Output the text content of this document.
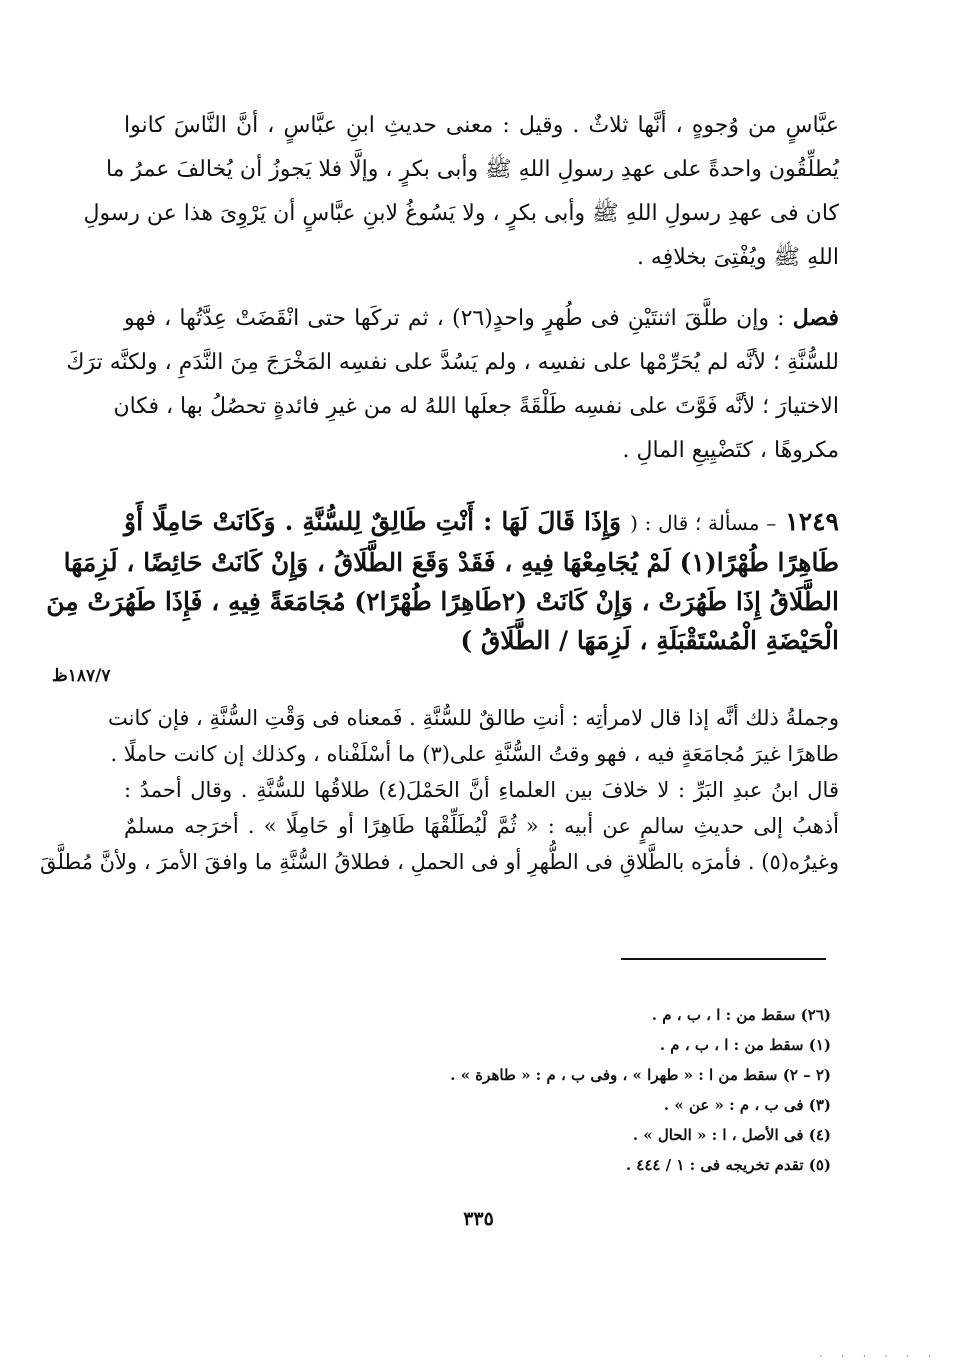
عبَّاسٍ من وُجوهٍ ، أنَّها ثلاثٌ . وقيل : معنى حديثِ ابنِ عبَّاسٍ ، أنَّ النَّاسَ كانوا
يُطلِّقُون واحدةً على عهدِ رسولِ اللهِ ﷺ وأبى بكرٍ ، وإلَّا فلا يَجوزُ أن يُخالفَ عمرُ ما
كان فى عهدِ رسولِ اللهِ ﷺ وأبى بكرٍ ، ولا يَسُوغُ لابنِ عبَّاسٍ أن يَرْوِىَ هذا عن رسولِ
اللهِ ﷺ ويُفْتِىَ بخلافِه .
فصل : وإن طلَّقَ اثنتَيْنِ فى طُهرٍ واحدٍ(٢٦) ، ثم تركَها حتى انْقَضَتْ عِدَّتُها ، فهو
للسُّنَّةِ ؛ لأنَّه لم يُحَرِّمْها على نفسِه ، ولم يَسُدَّ على نفسِه المَخْرَجَ مِنَ النَّدَمِ ، ولكنَّه ترَكَ
الاختيارَ ؛ لأنَّه فَوَّتَ على نفسِه طَلْقَةً جعلَها اللهُ له من غيرِ فائدةٍ تحصُلُ بها ، فكان
مكروهًا ، كتَضْيِيعِ المالِ .
١٢٤٩ – مسألة ؛ قال : ( وَإِذَا قَالَ لَهَا : أَنْتِ طَالِقٌ لِلسُّنَّةِ . وَكَانَتْ حَامِلًا أَوْ
طَاهِرًا طُهْرًا(١) لَمْ يُجَامِعْهَا فِيهِ ، فَقَدْ وَقَعَ الطَّلَاقُ ، وَإِنْ كَانَتْ حَائِضًا ، لَزِمَهَا
الطَّلَاقُ إِذَا طَهُرَتْ ، وَإِنْ كَانَتْ (٢طَاهِرًا طُهْرًا٢) مُجَامَعَةً فِيهِ ، فَإِذَا طَهُرَتْ مِنَ
الْحَيْضَةِ الْمُسْتَقْبَلَةِ ، لَزِمَهَا / الطَّلَاقُ )
١٨٧/٧ظ
وجملةُ ذلك أنَّه إذا قال لامرأتِه : أنتِ طالقٌ للسُّنَّةِ . فَمعناه فى وَقْتِ السُّنَّةِ ، فإن كانت
طاهرًا غيرَ مُجامَعَةٍ فيه ، فهو وقتُ السُّنَّةِ على(٣) ما أسْلَفْناه ، وكذلك إن كانت حاملًا .
قال ابنُ عبدِ البَرِّ : لا خلافَ بين العلماءِ أنَّ الحَمْلَ(٤) طلاقُها للسُّنَّةِ . وقال أحمدُ :
أذهبُ إلى حديثِ سالمٍ عن أبيه : « ثُمَّ لْيُطَلِّقْهَا طَاهِرًا أو حَامِلًا » . أخرَجه مسلمٌ
وغيرُه(٥) . فأمرَه بالطَّلاقِ فى الطُّهرِ أو فى الحملِ ، فطلاقُ السُّنَّةِ ما وافقَ الأمرَ ، ولأنَّ مُطلَّقَ
(٢٦) سقط من : ا ، ب ، م .
(١) سقط من : ا ، ب ، م .
(٢ – ٢) سقط من ا : « طهرا » ، وفى ب ، م : « طاهرة » .
(٣) فى ب ، م : « عن » .
(٤) فى الأصل ، ا : « الحال » .
(٥) تقدم تخريجه فى : ١ / ٤٤٤ .
٣٣٥
· · · · · ·
